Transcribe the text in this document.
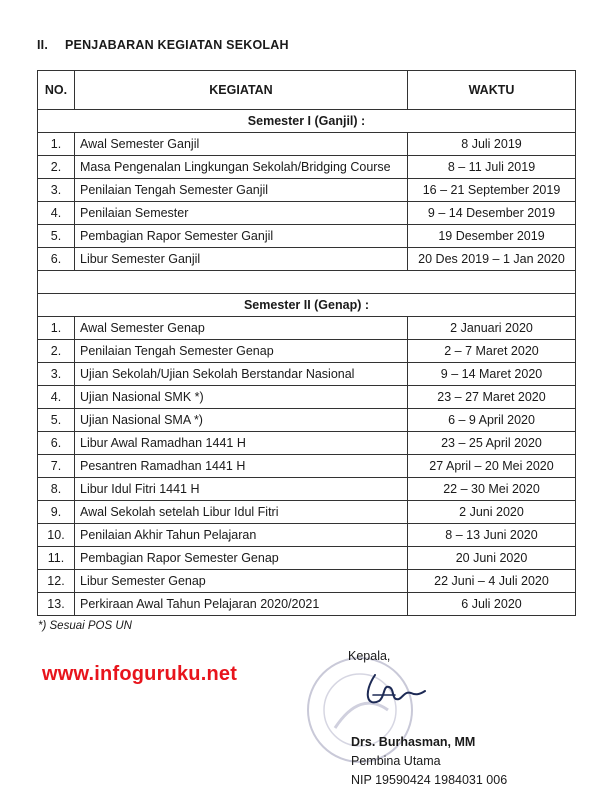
II. PENJABARAN KEGIATAN SEKOLAH
NO.	KEGIATAN	WAKTU
Semester I (Ganjil) :		
1.	Awal Semester Ganjil	8 Juli 2019
2.	Masa Pengenalan Lingkungan Sekolah/Bridging Course	8 – 11 Juli 2019
3.	Penilaian Tengah Semester Ganjil	16 – 21 September 2019
4.	Penilaian Semester	9 – 14 Desember 2019
5.	Pembagian Rapor Semester Ganjil	19 Desember 2019
6.	Libur Semester Ganjil	20 Des 2019 – 1 Jan 2020

Semester II (Genap) :		
1.	Awal Semester Genap	2 Januari 2020
2.	Penilaian Tengah Semester Genap	2 – 7 Maret 2020
3.	Ujian Sekolah/Ujian Sekolah Berstandar Nasional	9 – 14 Maret 2020
4.	Ujian Nasional SMK *)	23 – 27 Maret 2020
5.	Ujian Nasional SMA *)	6 – 9 April 2020
6.	Libur Awal Ramadhan 1441 H	23 – 25 April 2020
7.	Pesantren Ramadhan 1441 H	27 April – 20 Mei 2020
8.	Libur Idul Fitri 1441 H	22 – 30 Mei 2020
9.	Awal Sekolah setelah Libur Idul Fitri	2 Juni 2020
10.	Penilaian Akhir Tahun Pelajaran	8 – 13 Juni 2020
11.	Pembagian Rapor Semester Genap	20 Juni 2020
12.	Libur Semester Genap	22 Juni – 4 Juli 2020
13.	Perkiraan Awal Tahun Pelajaran 2020/2021	6 Juli 2020
*) Sesuai POS UN
www.infoguruku.net
Kepala,
Drs. Burhasman, MM
Pembina Utama
NIP 19590424 1984031 006
